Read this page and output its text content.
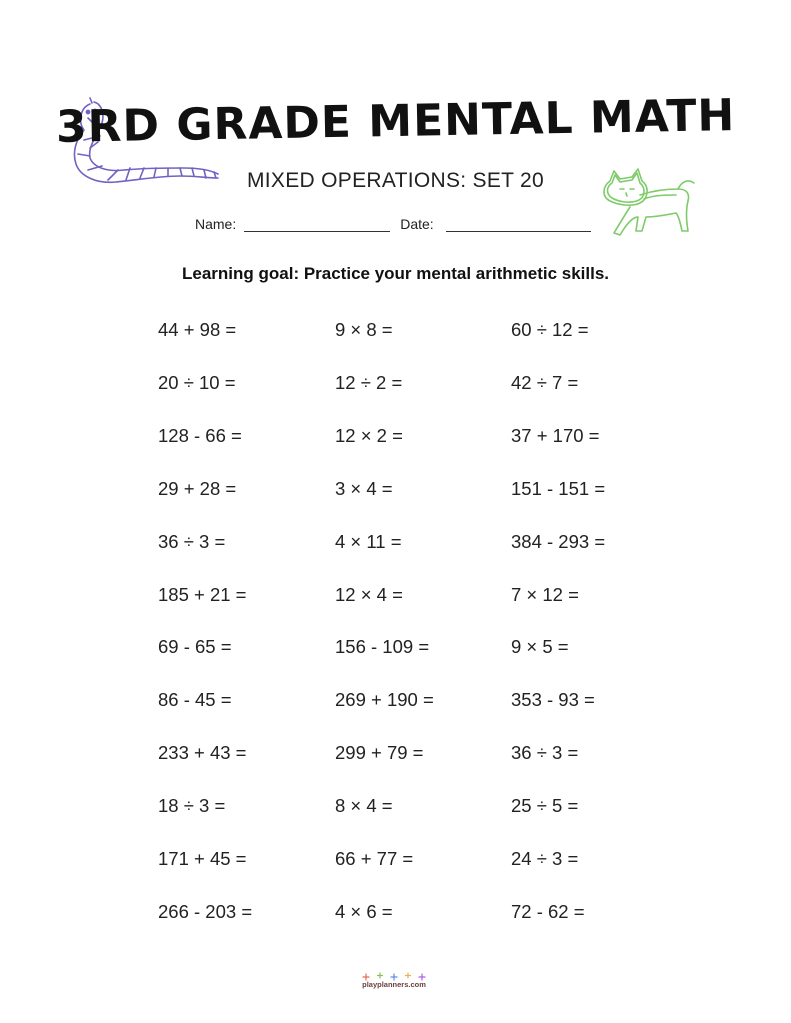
3RD GRADE MENTAL MATH
MIXED OPERATIONS: SET 20
Name:	Date:
Learning goal: Practice your mental arithmetic skills.
44 + 98 =	9 × 8 =	60 ÷ 12 =
20 ÷ 10 =	12 ÷ 2 =	42 ÷ 7 =
128 - 66 =	12 × 2 =	37 + 170 =
29 + 28 =	3 × 4 =	151 - 151 =
36 ÷ 3 =	4 × 11 =	384 - 293 =
185 + 21 =	12 × 4 =	7 × 12 =
69 - 65 =	156 - 109 =	9 × 5 =
86 - 45 =	269 + 190 =	353 - 93 =
233 + 43 =	299 + 79 =	36 ÷ 3 =
18 ÷ 3 =	8 × 4 =	25 ÷ 5 =
171 + 45 =	66 + 77 =	24 ÷ 3 =
266 - 203 =	4 × 6 =	72 - 62 =
playplanners.com
